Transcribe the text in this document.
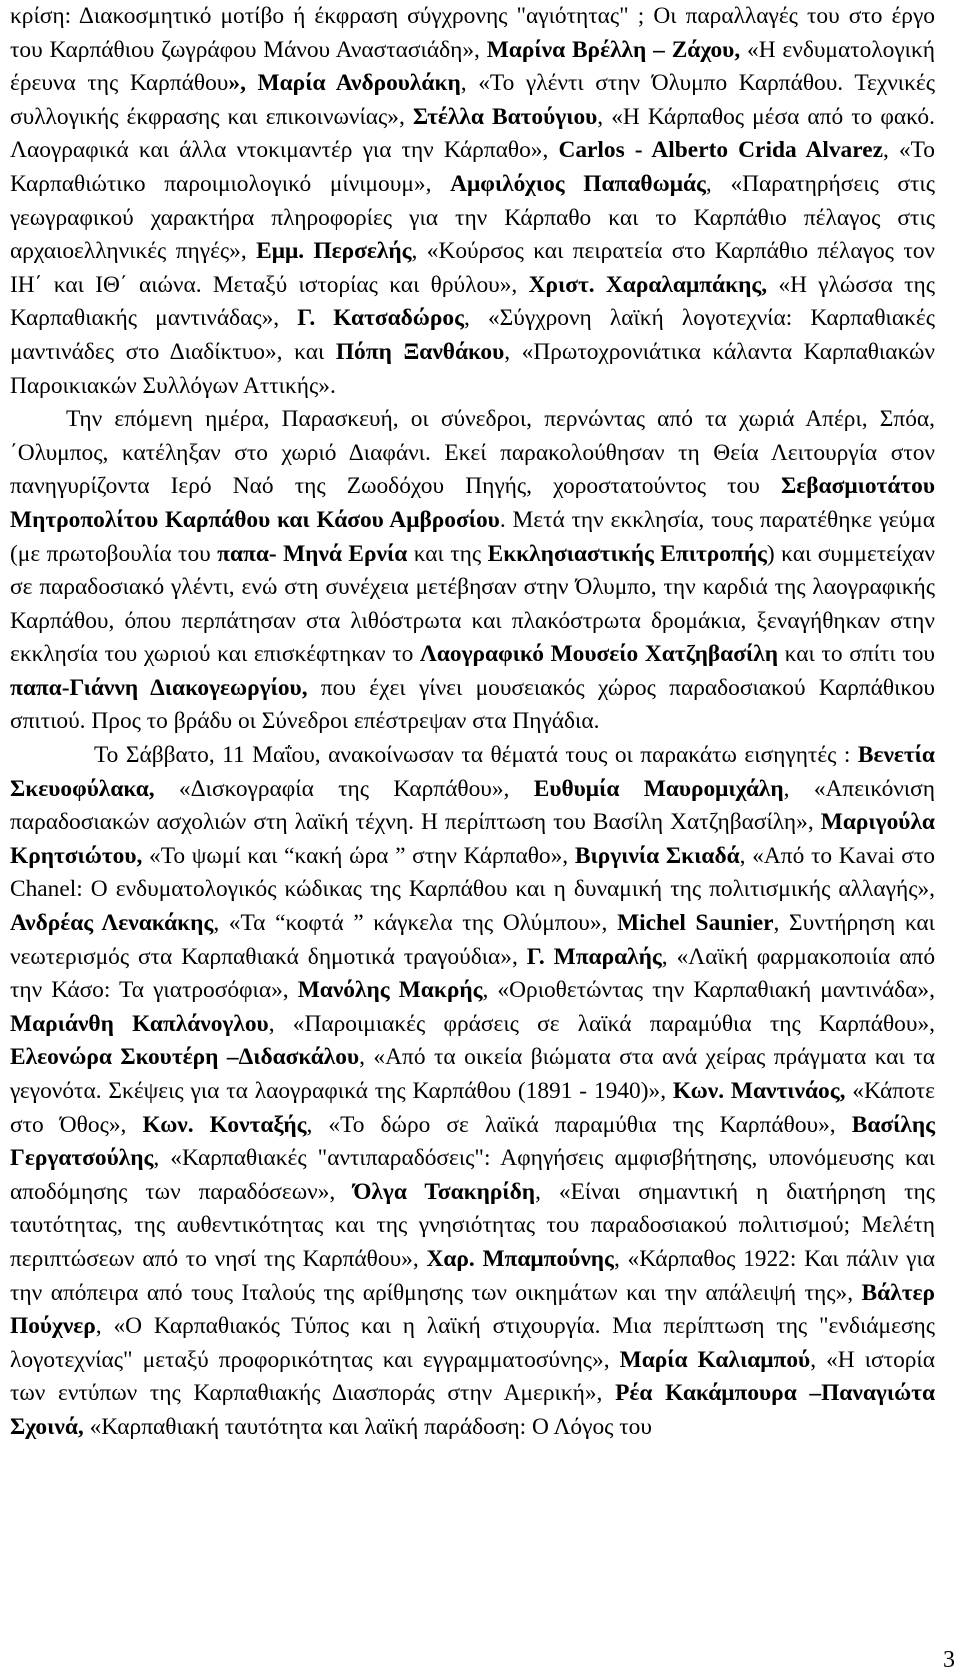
κρίση: Διακοσμητικό μοτίβο ή έκφραση σύγχρονης "αγιότητας" ; Οι παραλλαγές του στο έργο του Καρπάθιου ζωγράφου Μάνου Αναστασιάδη», Μαρίνα Βρέλλη – Ζάχου, «Η ενδυματολογική έρευνα της Καρπάθου», Μαρία Ανδρουλάκη, «Το γλέντι στην Όλυμπο Καρπάθου. Τεχνικές συλλογικής έκφρασης και επικοινωνίας», Στέλλα Βατούγιου, «Η Κάρπαθος μέσα από το φακό. Λαογραφικά και άλλα ντοκιμαντέρ για την Κάρπαθο», Carlos - Alberto Crida Alvarez, «Το Καρπαθιώτικο παροιμιολογικό μίνιμουμ», Αμφιλόχιος Παπαθωμάς, «Παρατηρήσεις στις γεωγραφικού χαρακτήρα πληροφορίες για την Κάρπαθο και το Καρπάθιο πέλαγος στις αρχαιοελληνικές πηγές», Εμμ. Περσελής, «Κούρσος και πειρατεία στο Καρπάθιο πέλαγος τον ΙΗ΄ και ΙΘ΄ αιώνα. Μεταξύ ιστορίας και θρύλου», Χριστ. Χαραλαμπάκης, «Η γλώσσα της Καρπαθιακής μαντινάδας», Γ. Κατσαδώρος, «Σύγχρονη λαϊκή λογοτεχνία: Καρπαθιακές μαντινάδες στο Διαδίκτυο», και Πόπη Ξανθάκου, «Πρωτοχρονιάτικα κάλαντα Καρπαθιακών Παροικιακών Συλλόγων Αττικής».

Την επόμενη ημέρα, Παρασκευή, οι σύνεδροι, περνώντας από τα χωριά Απέρι, Σπόα, ΄Ολυμπος, κατέληξαν στο χωριό Διαφάνι. Εκεί παρακολούθησαν τη Θεία Λειτουργία στον πανηγυρίζοντα Ιερό Ναό της Ζωοδόχου Πηγής, χοροστατούντος του Σεβασμιοτάτου Μητροπολίτου Καρπάθου και Κάσου Αμβροσίου. Μετά την εκκλησία, τους παρατέθηκε γεύμα (με πρωτοβουλία του παπα- Μηνά Ερνία και της Εκκλησιαστικής Επιτροπής) και συμμετείχαν σε παραδοσιακό γλέντι, ενώ στη συνέχεια μετέβησαν στην Όλυμπο, την καρδιά της λαογραφικής Καρπάθου, όπου περπάτησαν στα λιθόστρωτα και πλακόστρωτα δρομάκια, ξεναγήθηκαν στην εκκλησία του χωριού και επισκέφτηκαν το Λαογραφικό Μουσείο Χατζηβασίλη και το σπίτι του παπα-Γιάννη Διακογεωργίου, που έχει γίνει μουσειακός χώρος παραδοσιακού Καρπάθικου σπιτιού. Προς το βράδυ οι Σύνεδροι επέστρεψαν στα Πηγάδια.

Το Σάββατο, 11 Μαΐου, ανακοίνωσαν τα θέματά τους οι παρακάτω εισηγητές : Βενετία Σκευοφύλακα, «Δισκογραφία της Καρπάθου», Ευθυμία Μαυρομιχάλη, «Απεικόνιση παραδοσιακών ασχολιών στη λαϊκή τέχνη. Η περίπτωση του Βασίλη Χατζηβασίλη», Μαριγούλα Κρητσιώτου, «Το ψωμί και “κακή ώρα ” στην Κάρπαθο», Βιργινία Σκιαδά, «Από το Kavai στο Chanel: O ενδυματολογικός κώδικας της Καρπάθου και η δυναμική της πολιτισμικής αλλαγής», Ανδρέας Λενακάκης, «Τα “κοφτά ” κάγκελα της Ολύμπου», Michel Saunier, Συντήρηση και νεωτερισμός στα Καρπαθιακά δημοτικά τραγούδια», Γ. Μπαραλής, «Λαϊκή φαρμακοποιία από την Κάσο: Τα γιατροσόφια», Μανόλης Μακρής, «Οριοθετώντας την Καρπαθιακή μαντινάδα», Μαριάνθη Καπλάνογλου, «Παροιμιακές φράσεις σε λαϊκά παραμύθια της Καρπάθου», Ελεονώρα Σκουτέρη –Διδασκάλου, «Από τα οικεία βιώματα στα ανά χείρας πράγματα και τα γεγονότα. Σκέψεις για τα λαογραφικά της Καρπάθου (1891 - 1940)», Κων. Μαντινάος, «Κάποτε στο Όθος», Κων. Κονταξής, «Το δώρο σε λαϊκά παραμύθια της Καρπάθου», Βασίλης Γεργατσούλης, «Καρπαθιακές "αντιπαραδόσεις": Αφηγήσεις αμφισβήτησης, υπονόμευσης και αποδόμησης των παραδόσεων», Όλγα Τσακηρίδη, «Είναι σημαντική η διατήρηση της ταυτότητας, της αυθεντικότητας και της γνησιότητας του παραδοσιακού πολιτισμού; Μελέτη περιπτώσεων από το νησί της Καρπάθου», Χαρ. Μπαμπούνης, «Κάρπαθος 1922: Και πάλιν για την απόπειρα από τους Ιταλούς της αρίθμησης των οικημάτων και την απάλειψή της», Βάλτερ Πούχνερ, «Ο Καρπαθιακός Τύπος και η λαϊκή στιχουργία. Μια περίπτωση της "ενδιάμεσης λογοτεχνίας" μεταξύ προφορικότητας και εγγραμματοσύνης», Μαρία Καλιαμπού, «Η ιστορία των εντύπων της Καρπαθιακής Διασποράς στην Αμερική», Ρέα Κακάμπουρα –Παναγιώτα Σχοινά, «Καρπαθιακή ταυτότητα και λαϊκή παράδοση: Ο Λόγος του

3
